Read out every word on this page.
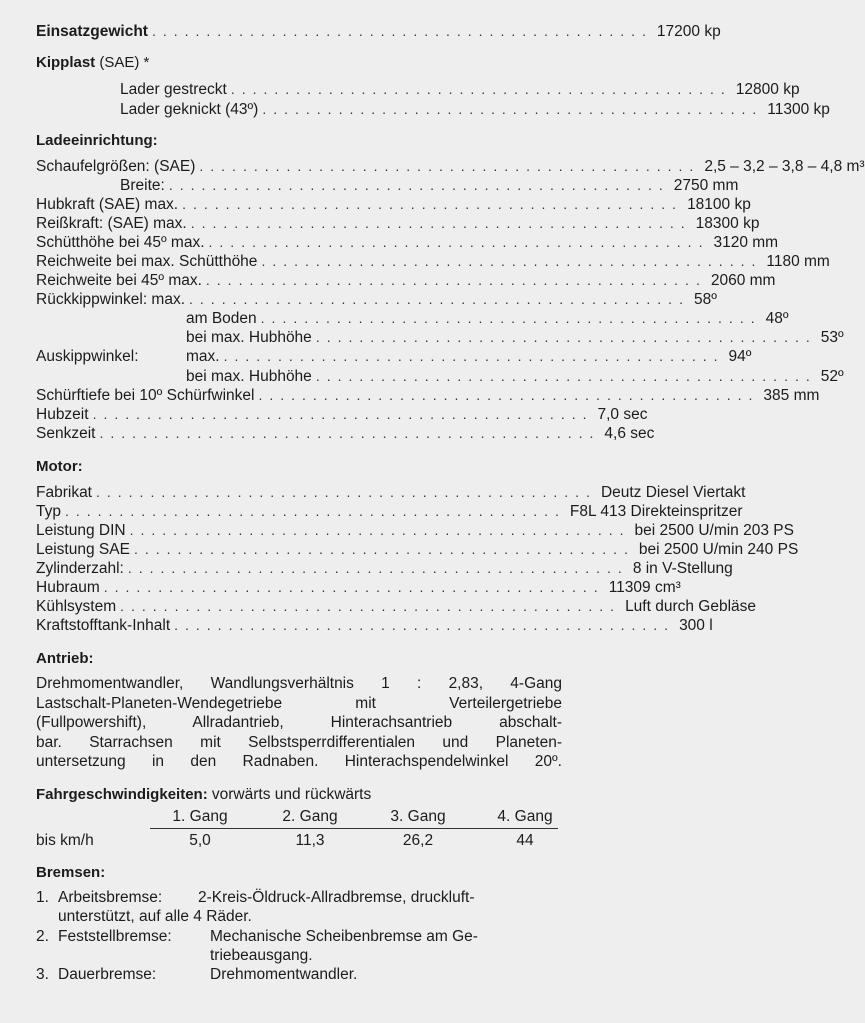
Einsatzgewicht .............................................. 17200 kp
Kipplast (SAE) *
Lader gestreckt .............................................. 12800 kp
Lader geknickt (43º) .............................................. 11300 kp
Ladeeinrichtung:
Schaufelgrößen: (SAE) .............................................. 2,5 – 3,2 – 3,8 – 4,8 m³
Breite: .............................................. 2750 mm
Hubkraft (SAE) max. .............................................. 18100 kp
Reißkraft: (SAE) max. .............................................. 18300 kp
Schütthöhe bei 45º max. .............................................. 3120 mm
Reichweite bei max. Schütthöhe .............................................. 1180 mm
Reichweite bei 45º max. .............................................. 2060 mm
Rückkippwinkel: max. .............................................. 58º
am Boden .............................................. 48º
bei max. Hubhöhe .............................................. 53º
Auskippwinkel:	max. .............................................. 94º
bei max. Hubhöhe .............................................. 52º
Schürftiefe bei 10º Schürfwinkel .............................................. 385 mm
Hubzeit .............................................. 7,0 sec
Senkzeit .............................................. 4,6 sec
Motor:
Fabrikat .............................................. Deutz Diesel Viertakt
Typ .............................................. F8L 413 Direkteinspritzer
Leistung DIN .............................................. bei 2500 U/min 203 PS
Leistung SAE .............................................. bei 2500 U/min 240 PS
Zylinderzahl: .............................................. 8 in V-Stellung
Hubraum .............................................. 11309 cm³
Kühlsystem .............................................. Luft durch Gebläse
Kraftstofftank-Inhalt .............................................. 300 l
Antrieb:
Drehmomentwandler, Wandlungsverhältnis 1 : 2,83, 4-Gang
Lastschalt-Planeten-Wendegetriebe mit Verteilergetriebe
(Fullpowershift), Allradantrieb, Hinterachsantrieb abschalt-
bar. Starrachsen mit Selbstsperrdifferentialen und Planeten-
untersetzung in den Radnaben. Hinterachspendelwinkel 20º.
Fahrgeschwindigkeiten: vorwärts und rückwärts
1. Gang	2. Gang	3. Gang	4. Gang
bis km/h	5,0	11,3	26,2	44
Bremsen:
1. Arbeitsbremse: 2-Kreis-Öldruck-Allradbremse, druckluft-
unterstützt, auf alle 4 Räder.
2. Feststellbremse: Mechanische Scheibenbremse am Ge-
triebeausgang.
3. Dauerbremse:	Drehmomentwandler.
